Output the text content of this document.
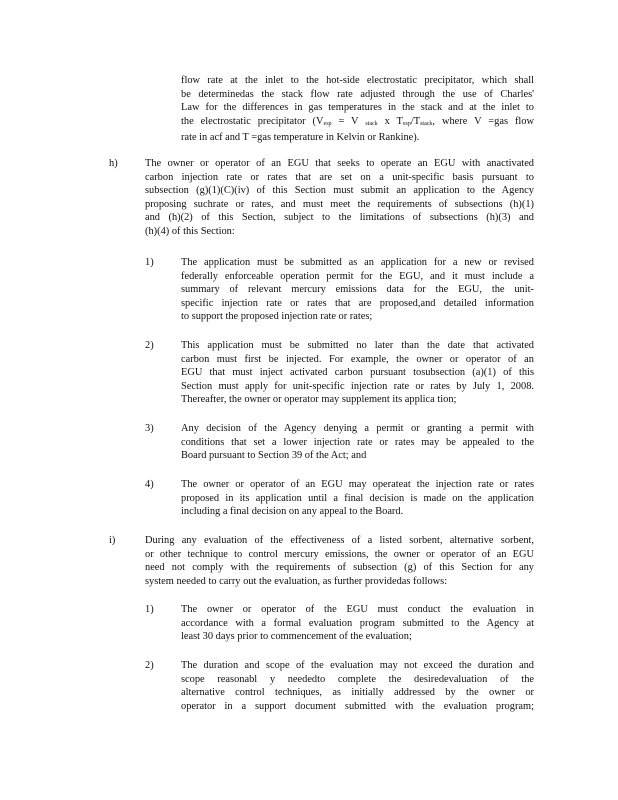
flow rate at the inlet to the hot-side electrostatic precipitator, which shall
be determinedas the stack flow rate adjusted through the use of Charles'
Law for the differences in gas temperatures in the stack and at the inlet to
the electrostatic precipitator (Vesp = V stack x Tesp/Tstack, where V =gas flow
rate in acf and T =gas temperature in Kelvin or Rankine).
h)	The owner or operator of an EGU that seeks to operate an EGU with anactivated
carbon injection rate or rates that are set on a unit-specific basis pursuant to
subsection (g)(1)(C)(iv) of this Section must submit an application to the Agency
proposing suchrate or rates, and must meet the requirements of subsections (h)(1)
and (h)(2) of this Section, subject to the limitations of subsections (h)(3) and
(h)(4) of this Section:
1)	The application must be submitted as an application for a new or revised
federally enforceable operation permit for the EGU, and it must include a
summary of relevant mercury emissions data for the EGU, the unit-
specific injection rate or rates that are proposed,and detailed information
to support the proposed injection rate or rates;
2)	This application must be submitted no later than the date that activated
carbon must first be injected. For example, the owner or operator of an
EGU that must inject activated carbon pursuant tosubsection (a)(1) of this
Section must apply for unit-specific injection rate or rates by July 1, 2008.
Thereafter, the owner or operator may supplement its applica tion;
3)	Any decision of the Agency denying a permit or granting a permit with
conditions that set a lower injection rate or rates may be appealed to the
Board pursuant to Section 39 of the Act; and
4)	The owner or operator of an EGU may operateat the injection rate or rates
proposed in its application until a final decision is made on the application
including a final decision on any appeal to the Board.
i)	During any evaluation of the effectiveness of a listed sorbent, alternative sorbent,
or other technique to control mercury emissions, the owner or operator of an EGU
need not comply with the requirements of subsection (g) of this Section for any
system needed to carry out the evaluation, as further providedas follows:
1)	The owner or operator of the EGU must conduct the evaluation in
accordance with a formal evaluation program submitted to the Agency at
least 30 days prior to commencement of the evaluation;
2)	The duration and scope of the evaluation may not exceed the duration and
scope reasonabl y neededto complete the desiredevaluation of the
alternative control techniques, as initially addressed by the owner or
operator in a support document submitted with the evaluation program;
